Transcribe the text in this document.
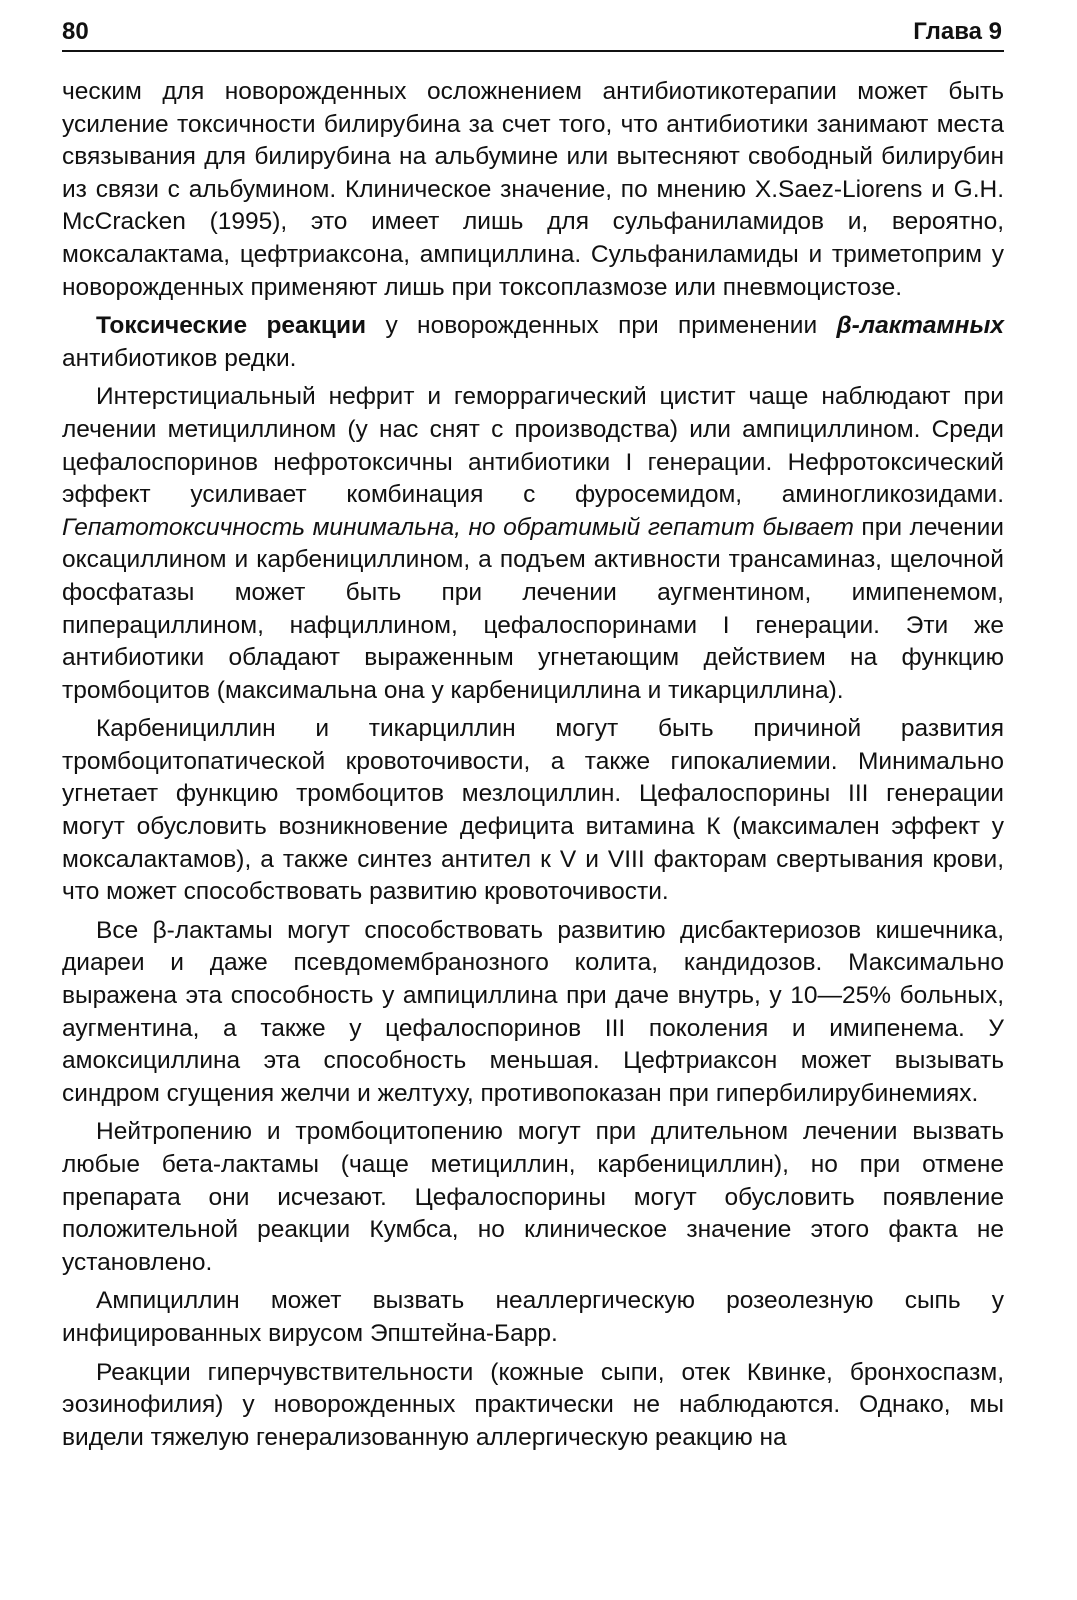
80	Глава 9

ческим для новорожденных осложнением антибиотикотерапии может быть усиление токсичности билирубина за счет того, что антибиотики занимают места связывания для билирубина на альбумине или вытесняют свободный билирубин из связи с альбумином. Клиническое значение, по мнению X.Saez-Liorens и G.H. McCracken (1995), это имеет лишь для сульфаниламидов и, вероятно, моксалактама, цефтриаксона, ампициллина. Сульфаниламиды и триметоприм у новорожденных применяют лишь при токсоплазмозе или пневмоцистозе.

Токсические реакции у новорожденных при применении β-лактамных антибиотиков редки.

Интерстициальный нефрит и геморрагический цистит чаще наблюдают при лечении метициллином (у нас снят с производства) или ампициллином. Среди цефалоспоринов нефротоксичны антибиотики I генерации. Нефротоксический эффект усиливает комбинация с фуросемидом, аминогликозидами. Гепатотоксичность минимальна, но обратимый гепатит бывает при лечении оксациллином и карбенициллином, а подъем активности трансаминаз, щелочной фосфатазы может быть при лечении аугментином, имипенемом, пиперациллином, нафциллином, цефалоспоринами I генерации. Эти же антибиотики обладают выраженным угнетающим действием на функцию тромбоцитов (максимальна она у карбенициллина и тикарциллина).

Карбенициллин и тикарциллин могут быть причиной развития тромбоцитопатической кровоточивости, а также гипокалиемии. Минимально угнетает функцию тромбоцитов мезлоциллин. Цефалоспорины III генерации могут обусловить возникновение дефицита витамина К (максимален эффект у моксалактамов), а также синтез антител к V и VIII факторам свертывания крови, что может способствовать развитию кровоточивости.

Все β-лактамы могут способствовать развитию дисбактериозов кишечника, диареи и даже псевдомембранозного колита, кандидозов. Максимально выражена эта способность у ампициллина при даче внутрь, у 10—25% больных, аугментина, а также у цефалоспоринов III поколения и имипенема. У амоксициллина эта способность меньшая. Цефтриаксон может вызывать синдром сгущения желчи и желтуху, противопоказан при гипербилирубинемиях.

Нейтропению и тромбоцитопению могут при длительном лечении вызвать любые бета-лактамы (чаще метициллин, карбенициллин), но при отмене препарата они исчезают. Цефалоспорины могут обусловить появление положительной реакции Кумбса, но клиническое значение этого факта не установлено.

Ампициллин может вызвать неаллергическую розеолезную сыпь у инфицированных вирусом Эпштейна-Барр.

Реакции гиперчувствительности (кожные сыпи, отек Квинке, бронхоспазм, эозинофилия) у новорожденных практически не наблюдаются. Однако, мы видели тяжелую генерализованную аллергическую реакцию на
